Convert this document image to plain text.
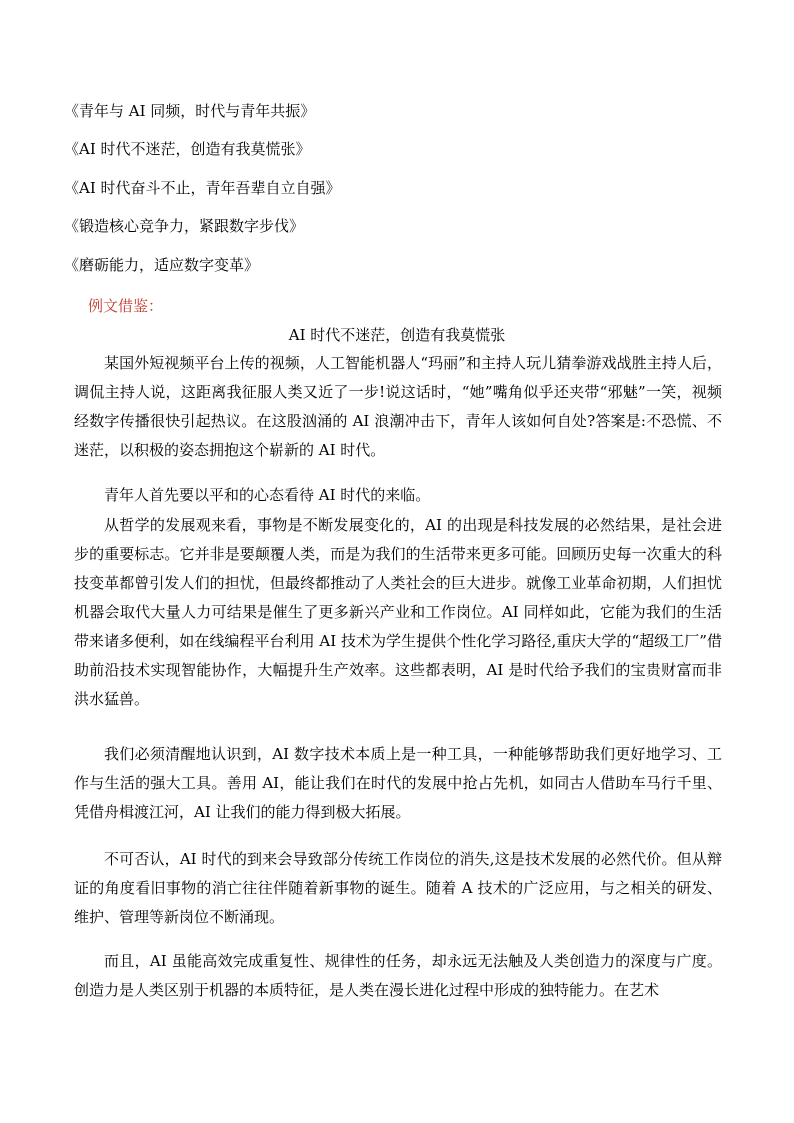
《青年与 AI 同频，时代与青年共振》

《AI 时代不迷茫，创造有我莫慌张》

《AI 时代奋斗不止，青年吾辈自立自强》

《锻造核心竞争力，紧跟数字步伐》

《磨砺能力，适应数字变革》

例文借鉴：

AI 时代不迷茫，创造有我莫慌张

某国外短视频平台上传的视频，人工智能机器人“玛丽”和主持人玩儿猜拳游戏战胜主持人后，调侃主持人说，这距离我征服人类又近了一步!说这话时，“她”嘴角似乎还夹带“邪魅”一笑，视频经数字传播很快引起热议。在这股汹涌的 AI 浪潮冲击下，青年人该如何自处?答案是:不恐慌、不迷茫，以积极的姿态拥抱这个崭新的 AI 时代。

青年人首先要以平和的心态看待 AI 时代的来临。

从哲学的发展观来看，事物是不断发展变化的，AI 的出现是科技发展的必然结果，是社会进步的重要标志。它并非是要颠覆人类，而是为我们的生活带来更多可能。回顾历史每一次重大的科技变革都曾引发人们的担忧，但最终都推动了人类社会的巨大进步。就像工业革命初期，人们担忧机器会取代大量人力可结果是催生了更多新兴产业和工作岗位。AI 同样如此，它能为我们的生活带来诸多便利，如在线编程平台利用 AI 技术为学生提供个性化学习路径,重庆大学的“超级工厂”借助前沿技术实现智能协作，大幅提升生产效率。这些都表明，AI 是时代给予我们的宝贵财富而非洪水猛兽。

我们必须清醒地认识到，AI 数字技术本质上是一种工具，一种能够帮助我们更好地学习、工作与生活的强大工具。善用 AI，能让我们在时代的发展中抢占先机，如同古人借助车马行千里、凭借舟楫渡江河，AI 让我们的能力得到极大拓展。

不可否认，AI 时代的到来会导致部分传统工作岗位的消失,这是技术发展的必然代价。但从辩证的角度看旧事物的消亡往往伴随着新事物的诞生。随着 A 技术的广泛应用，与之相关的研发、维护、管理等新岗位不断涌现。

而且，AI 虽能高效完成重复性、规律性的任务，却永远无法触及人类创造力的深度与广度。创造力是人类区别于机器的本质特征，是人类在漫长进化过程中形成的独特能力。在艺术
